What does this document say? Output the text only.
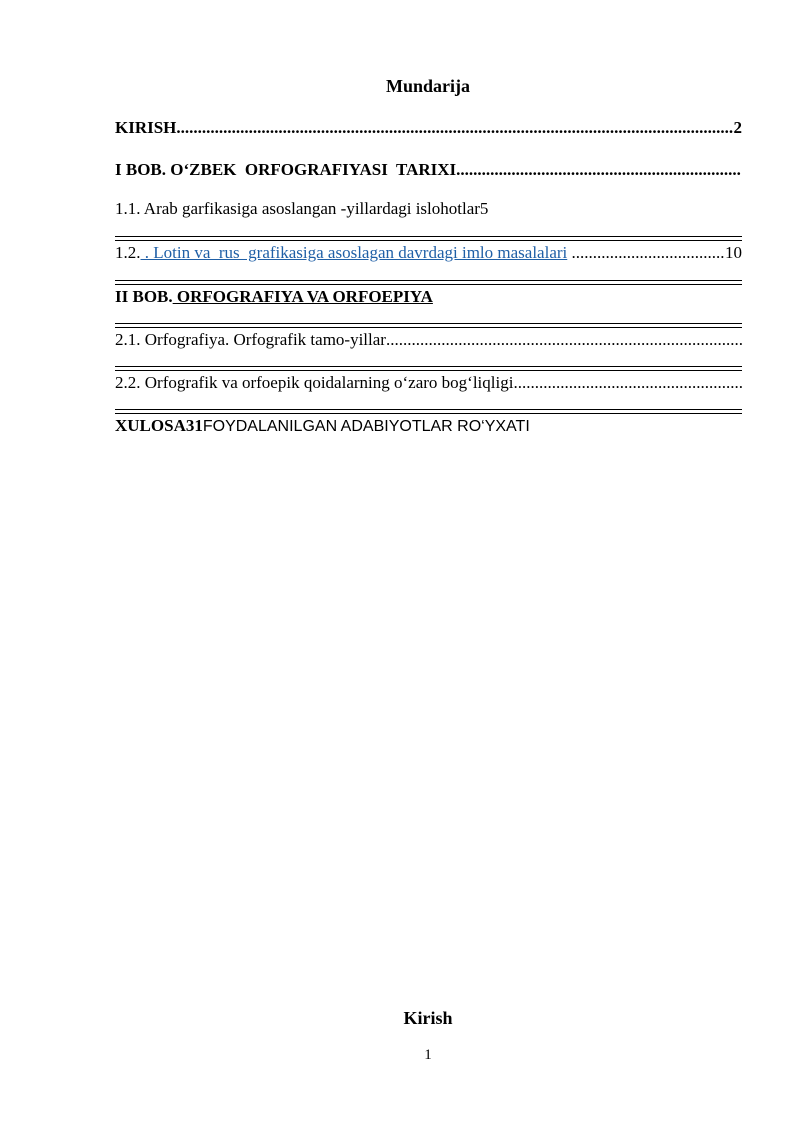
Mundarija
KIRISH .....	2
I BOB. O‘ZBEK  ORFOGRAFIYASI  TARIXI
.....
1.1. Arab garfikasiga asoslangan -yillardagi islohotlar5
1.2. . Lotin va  rus  grafikasiga asoslagan davrdagi imlo masalalari
.....	10
II BOB. ORFOGRAFIYA VA ORFOEPIYA
2.1. Orfografiya. Orfografik tamo-yillar
.....
2.2. Orfografik va orfoepik qoidalarning o‘zaro bog‘liqligi
.....
XULOSA31 FOYDALANILGAN ADABIYOTLAR RO‘YXATI
Kirish
1
